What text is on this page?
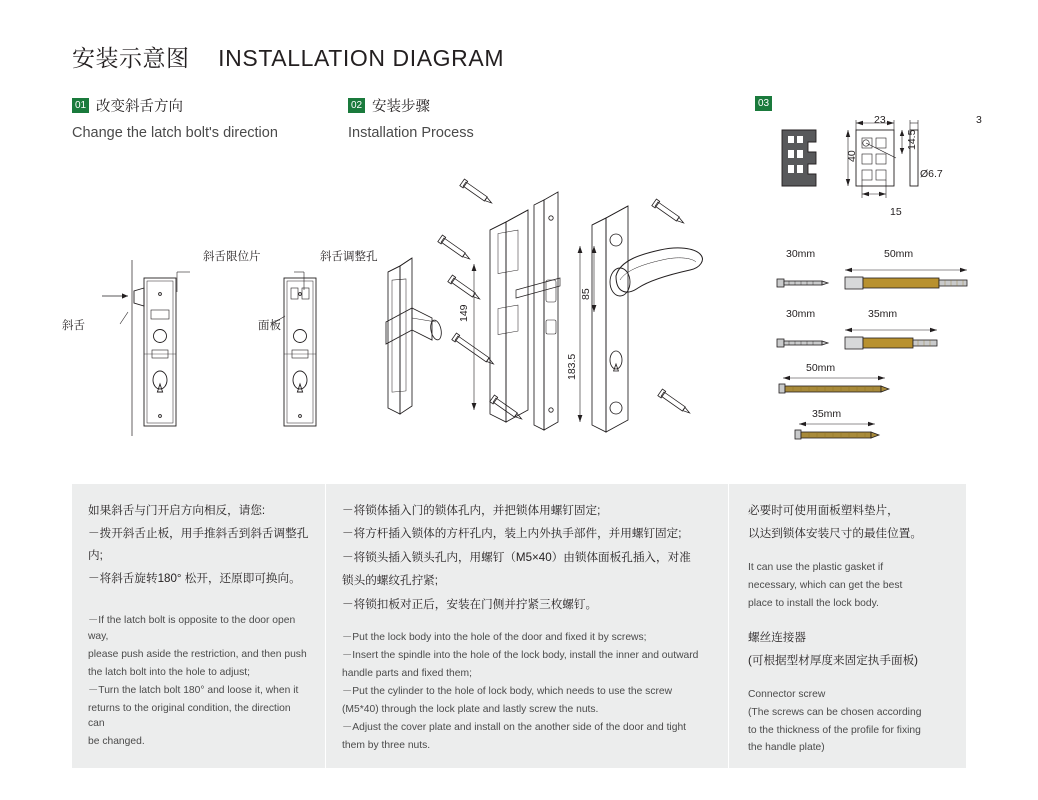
安装示意图 INSTALLATION DIAGRAM
01 改变斜舌方向
Change the latch bolt's direction
02 安装步骤
Installation Process
03
斜舌限位片	斜舌调整孔
斜舌	面板
149
85
183.5
23	3
14.5
40
15
Ø6.7
30mm	50mm
30mm	35mm
50mm
35mm

如果斜舌与门开启方向相反，请您:

－拨开斜舌止板，用手推斜舌到斜舌调整孔内;

－将斜舌旋转180° 松开，还原即可换向。

－If the latch bolt is opposite to the door open way,

please push aside the restriction, and then push

the latch bolt into the hole to adjust;

－Turn the latch bolt 180° and loose it, when it

returns to the original condition, the direction can

be changed.

－将锁体插入门的锁体孔内，并把锁体用螺钉固定;

－将方杆插入锁体的方杆孔内，装上内外执手部件，并用螺钉固定;

－将锁头插入锁头孔内，用螺钉（M5×40）由锁体面板孔插入，对准

锁头的螺纹孔拧紧;

－将锁扣板对正后，安装在门侧并拧紧三枚螺钉。

－Put the lock body into the hole of the door and fixed it by screws;

－Insert the spindle into the hole of the lock body, install the inner and outward

handle parts and fixed them;

－Put the cylinder to the hole of lock body, which needs to use the screw

(M5*40) through the lock plate and lastly screw the nuts.

－Adjust the cover plate and install on the another side of the door and tight

them by three nuts.

必要时可使用面板塑料垫片，

以达到锁体安装尺寸的最佳位置。

It can use the plastic gasket if

necessary, which can get the best

place to install the lock body.

螺丝连接器

(可根据型材厚度来固定执手面板)

Connector screw

(The screws can be chosen according

to the thickness of the profile for fixing

the handle plate)
